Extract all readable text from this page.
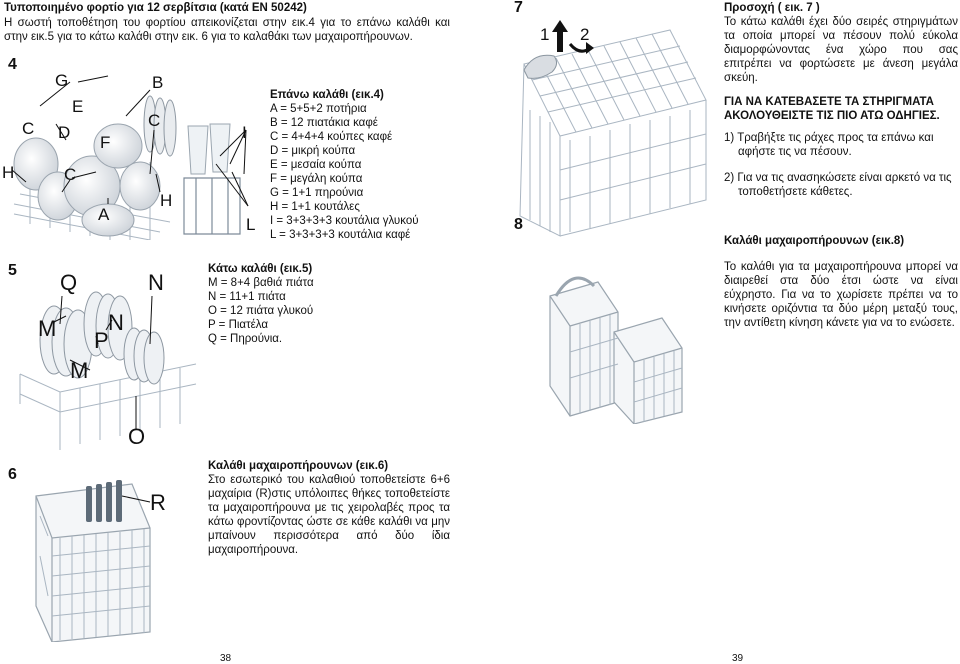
Τυποποιημένο φορτίο για 12 σερβίτσια (κατά EN 50242)
Η σωστή τοποθέτηση του φορτίου απεικονίζεται στην εικ.4 για το επάνω καλάθι και στην εικ.5 για το κάτω καλάθι στην εικ. 6 για το καλαθάκι των μαχαιροπήρουνων.
G	B
E
C D
C
F
H	C
A
H
I
L
4
Επάνω καλάθι (εικ.4)
A = 5+5+2 ποτήρια
B = 12 πιατάκια καφέ
C = 4+4+4 κούπες καφέ
D = μικρή κούπα
E = μεσαία κούπα
F = μεγάλη κούπα
G = 1+1 πηρούνια
H = 1+1 κουτάλες
I = 3+3+3+3 κουτάλια γλυκού
L = 3+3+3+3 κουτάλια καφέ
Q	N
M N
P
M
O
5	Κάτω καλάθι (εικ.5)
M = 8+4 βαθιά πιάτα
N = 11+1 πιάτα
O = 12 πιάτα γλυκού
P = Πιατέλα
Q = Πηρούνια.
R
6	Καλάθι μαχαιροπήρουνων (εικ.6)
Στο εσωτερικό του καλαθιού τοποθετείστε 6+6 μαχαίρια (R)στις υπόλοιπες θήκες τοποθετείστε τα μαχαιροπήρουνα με τις χειρολαβές προς τα κάτω φροντίζοντας ώστε σε κάθε καλάθι να μην μπαίνουν περισσότερα από δύο ίδια μαχαιροπήρουνα.
38
1 2
7	Προσοχή ( εικ. 7 )
Το κάτω καλάθι έχει δύο σειρές στηριγμάτων τα οποία μπορεί να πέσουν πολύ εύκολα διαμορφώνοντας ένα χώρο που σας επιτρέπει να φορτώσετε με άνεση μεγάλα σκεύη.
ΓΙΑ ΝΑ ΚΑΤΕΒΑΣΕΤΕ ΤΑ ΣΤΗΡΙΓΜΑΤΑ ΑΚΟΛΟΥΘΕΙΣΤΕ ΤΙΣ ΠΙΟ ΑΤΩ ΟΔΗΓΙΕΣ.

1) Τραβήξτε τις ράχες προς τα επάνω και αφήστε τις να πέσουν.

2) Για να τις ανασηκώσετε είναι αρκετό να τις τοποθετήσετε κάθετες.

8
Καλάθι μαχαιροπήρουνων (εικ.8)
Το καλάθι για τα μαχαιροπήρουνα μπορεί να διαιρεθεί στα δύο έτσι ώστε να είναι εύχρηστο. Για να το χωρίσετε πρέπει να το κινήσετε οριζόντια τα δύο μέρη μεταξύ τους, την αντίθετη κίνηση κάνετε για να το ενώσετε.
39
